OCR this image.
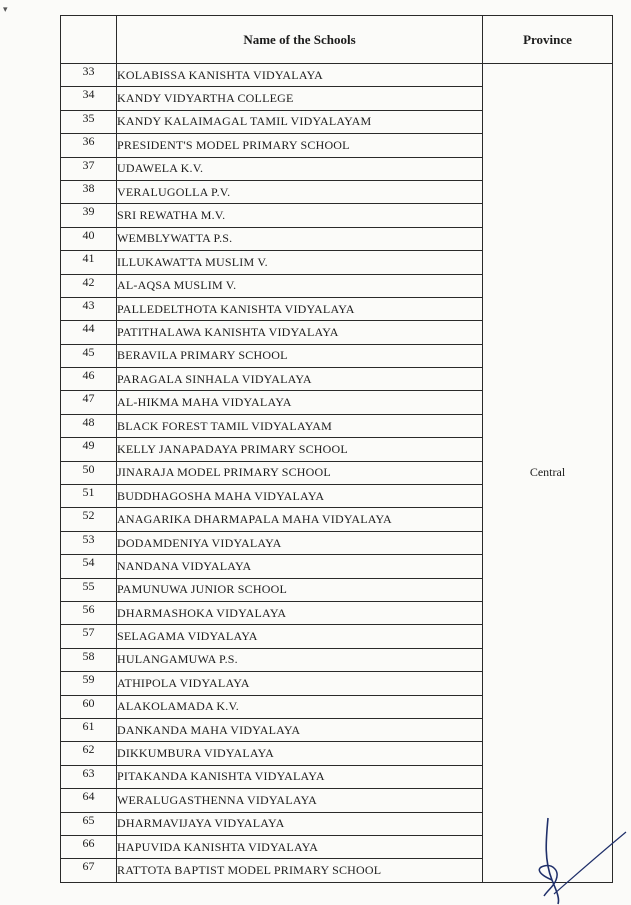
▾
	Name of the Schools	Province
33	KOLABISSA KANISHTA VIDYALAYA	Central
34	KANDY VIDYARTHA COLLEGE	
35	KANDY KALAIMAGAL TAMIL VIDYALAYAM	
36	PRESIDENT'S MODEL PRIMARY SCHOOL	
37	UDAWELA K.V.	
38	VERALUGOLLA P.V.	
39	SRI REWATHA M.V.	
40	WEMBLYWATTA P.S.	
41	ILLUKAWATTA MUSLIM V.	
42	AL-AQSA MUSLIM V.	
43	PALLEDELTHOTA KANISHTA VIDYALAYA	
44	PATITHALAWA KANISHTA VIDYALAYA	
45	BERAVILA PRIMARY SCHOOL	
46	PARAGALA SINHALA VIDYALAYA	
47	AL-HIKMA MAHA VIDYALAYA	
48	BLACK FOREST TAMIL VIDYALAYAM	
49	KELLY JANAPADAYA PRIMARY SCHOOL	
50	JINARAJA MODEL PRIMARY SCHOOL	
51	BUDDHAGOSHA MAHA VIDYALAYA	
52	ANAGARIKA DHARMAPALA MAHA VIDYALAYA	
53	DODAMDENIYA VIDYALAYA	
54	NANDANA VIDYALAYA	
55	PAMUNUWA JUNIOR SCHOOL	
56	DHARMASHOKA VIDYALAYA	
57	SELAGAMA VIDYALAYA	
58	HULANGAMUWA P.S.	
59	ATHIPOLA VIDYALAYA	
60	ALAKOLAMADA K.V.	
61	DANKANDA MAHA VIDYALAYA	
62	DIKKUMBURA VIDYALAYA	
63	PITAKANDA KANISHTA VIDYALAYA	
64	WERALUGASTHENNA VIDYALAYA	
65	DHARMAVIJAYA VIDYALAYA	
66	HAPUVIDA KANISHTA VIDYALAYA	
67	RATTOTA BAPTIST MODEL PRIMARY SCHOOL	
